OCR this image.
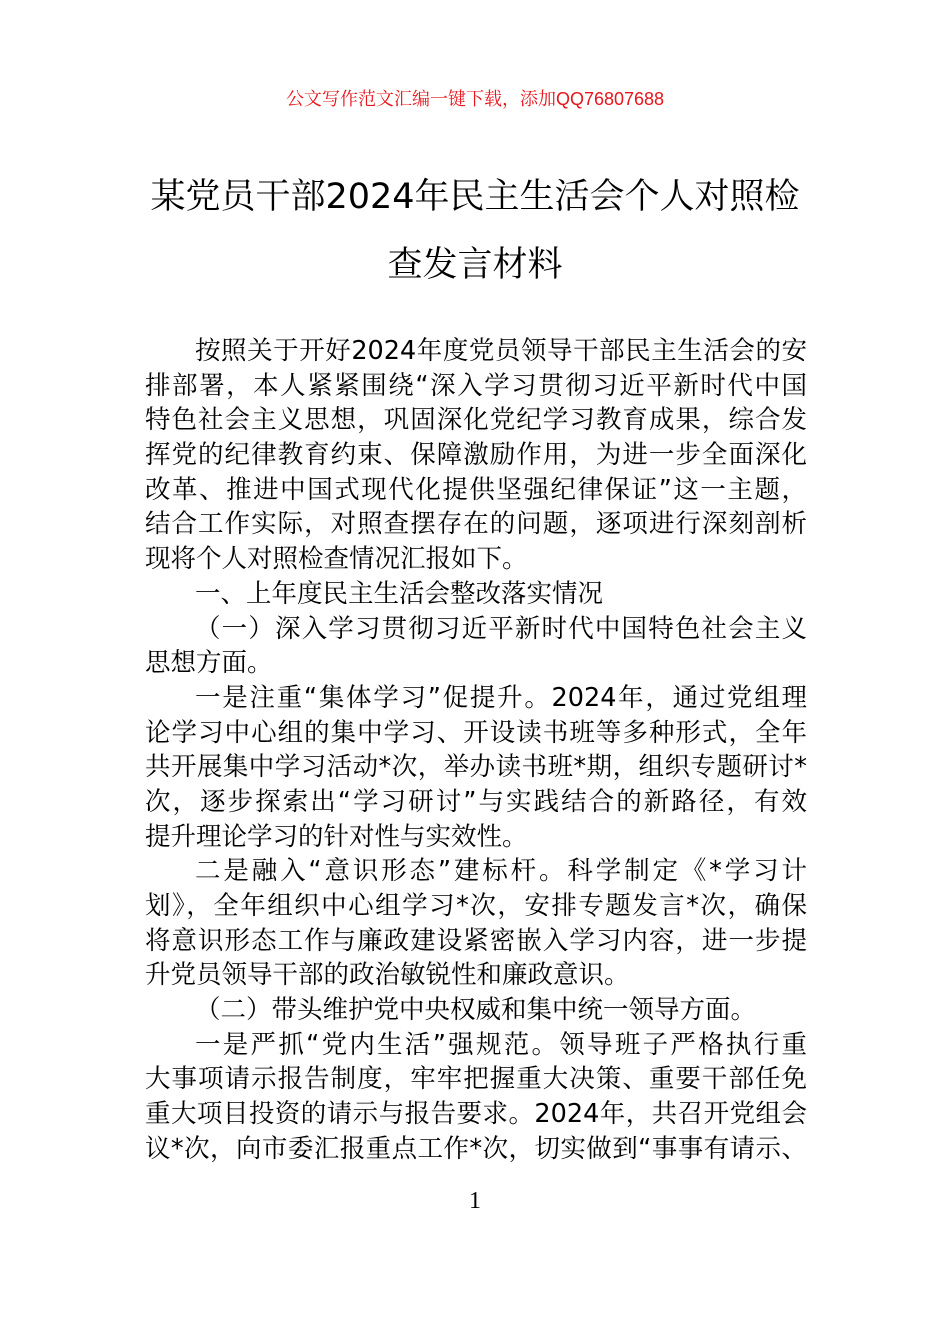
公文写作范文汇编一键下载，添加QQ76807688
某党员干部2024年民主生活会个人对照检
查发言材料
按照关于开好2024年度党员领导干部民主生活会的安
排部署，本人紧紧围绕“深入学习贯彻习近平新时代中国
特色社会主义思想，巩固深化党纪学习教育成果，综合发
挥党的纪律教育约束、保障激励作用，为进一步全面深化
改革、推进中国式现代化提供坚强纪律保证”这一主题，
结合工作实际，对照查摆存在的问题，逐项进行深刻剖析
现将个人对照检查情况汇报如下。
一、上年度民主生活会整改落实情况
（一）深入学习贯彻习近平新时代中国特色社会主义
思想方面。
一是注重“集体学习”促提升。2024年，通过党组理
论学习中心组的集中学习、开设读书班等多种形式，全年
共开展集中学习活动*次，举办读书班*期，组织专题研讨*
次，逐步探索出“学习研讨”与实践结合的新路径，有效
提升理论学习的针对性与实效性。
二是融入“意识形态”建标杆。科学制定《*学习计
划》，全年组织中心组学习*次，安排专题发言*次，确保
将意识形态工作与廉政建设紧密嵌入学习内容，进一步提
升党员领导干部的政治敏锐性和廉政意识。
（二）带头维护党中央权威和集中统一领导方面。
一是严抓“党内生活”强规范。领导班子严格执行重
大事项请示报告制度，牢牢把握重大决策、重要干部任免
重大项目投资的请示与报告要求。2024年，共召开党组会
议*次，向市委汇报重点工作*次，切实做到“事事有请示、
1
